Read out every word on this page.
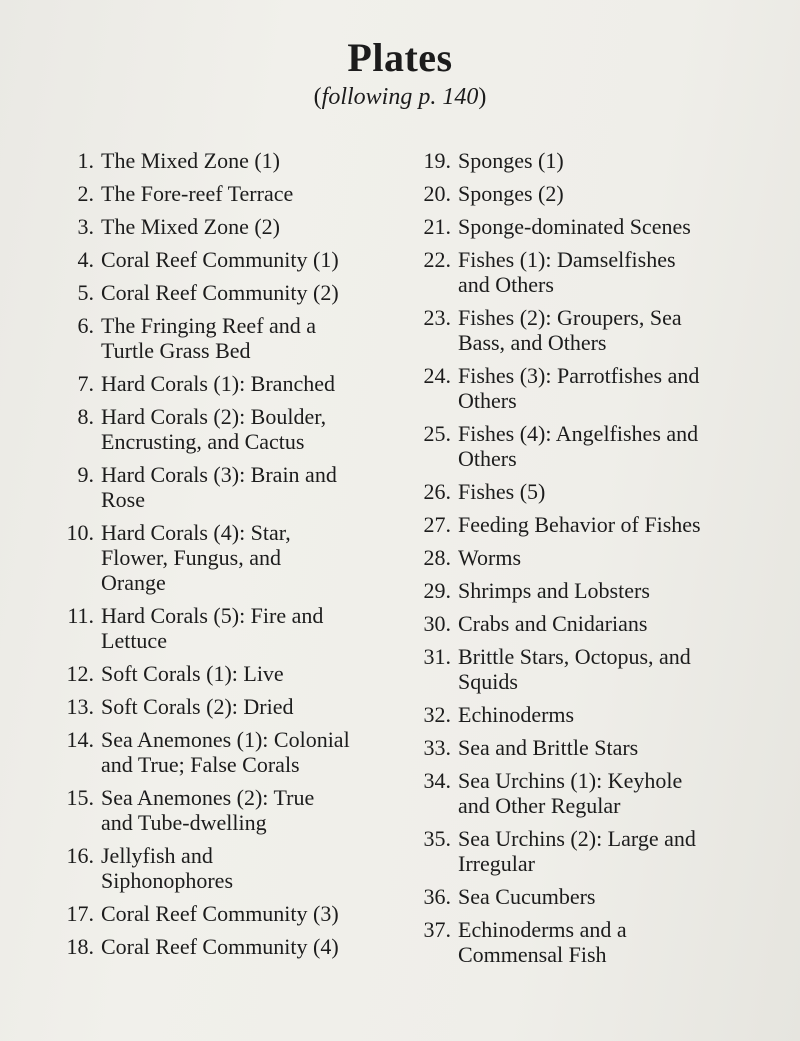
Plates
(following p. 140)
1. The Mixed Zone (1)
2. The Fore-reef Terrace
3. The Mixed Zone (2)
4. Coral Reef Community (1)
5. Coral Reef Community (2)
6. The Fringing Reef and a
Turtle Grass Bed
7. Hard Corals (1): Branched
8. Hard Corals (2): Boulder,
Encrusting, and Cactus
9. Hard Corals (3): Brain and
Rose
10. Hard Corals (4): Star,
Flower, Fungus, and
Orange
11. Hard Corals (5): Fire and
Lettuce
12. Soft Corals (1): Live
13. Soft Corals (2): Dried
14. Sea Anemones (1): Colonial
and True; False Corals
15. Sea Anemones (2): True
and Tube-dwelling
16. Jellyfish and
Siphonophores
17. Coral Reef Community (3)
18. Coral Reef Community (4)
19. Sponges (1)
20. Sponges (2)
21. Sponge-dominated Scenes
22. Fishes (1): Damselfishes
and Others
23. Fishes (2): Groupers, Sea
Bass, and Others
24. Fishes (3): Parrotfishes and
Others
25. Fishes (4): Angelfishes and
Others
26. Fishes (5)
27. Feeding Behavior of Fishes
28. Worms
29. Shrimps and Lobsters
30. Crabs and Cnidarians
31. Brittle Stars, Octopus, and
Squids
32. Echinoderms
33. Sea and Brittle Stars
34. Sea Urchins (1): Keyhole
and Other Regular
35. Sea Urchins (2): Large and
Irregular
36. Sea Cucumbers
37. Echinoderms and a
Commensal Fish
